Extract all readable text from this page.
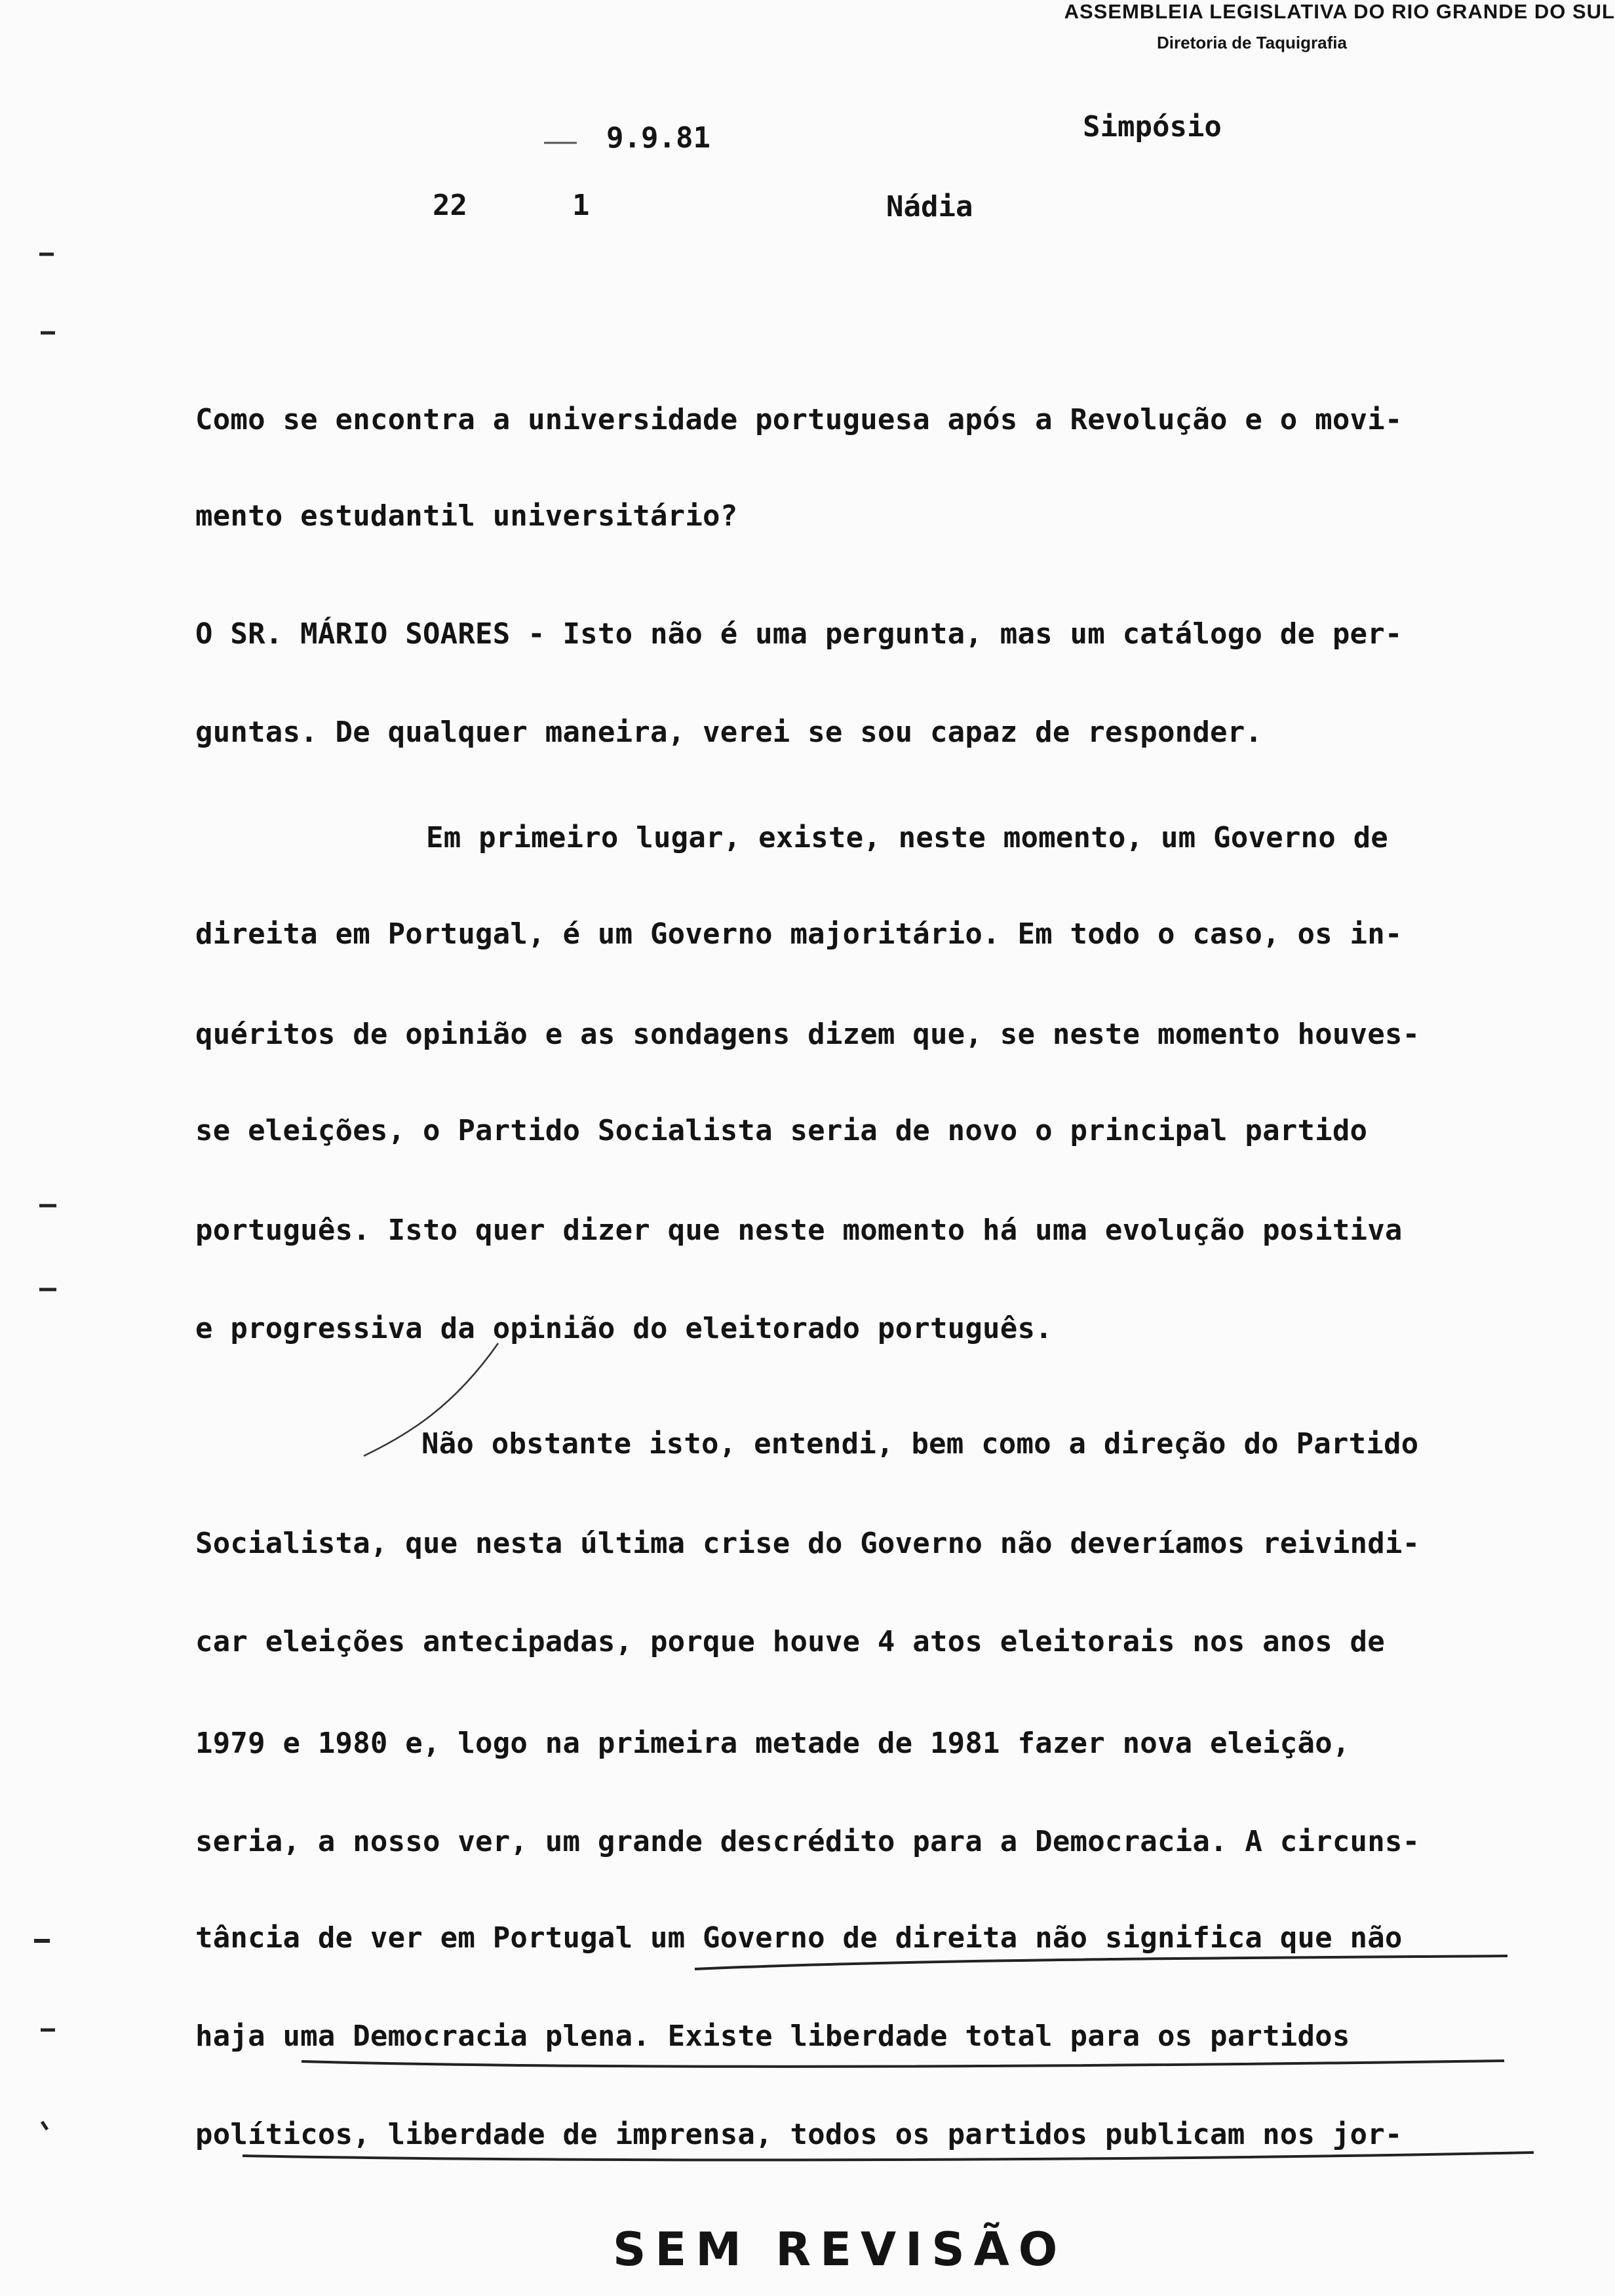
ASSEMBLEIA LEGISLATIVA DO RIO GRANDE DO SUL
Diretoria de Taquigrafia
9.9.81	Simpósio
22	1	Nádia
Como se encontra a universidade portuguesa após a Revolução e o movi-
mento estudantil universitário?
O SR. MÁRIO SOARES - Isto não é uma pergunta, mas um catálogo de per-
guntas. De qualquer maneira, verei se sou capaz de responder.
Em primeiro lugar, existe, neste momento, um Governo de
direita em Portugal, é um Governo majoritário. Em todo o caso, os in-
quéritos de opinião e as sondagens dizem que, se neste momento houves-
se eleições, o Partido Socialista seria de novo o principal partido
português. Isto quer dizer que neste momento há uma evolução positiva
e progressiva da opinião do eleitorado português.
Não obstante isto, entendi, bem como a direção do Partido
Socialista, que nesta última crise do Governo não deveríamos reivindi-
car eleições antecipadas, porque houve 4 atos eleitorais nos anos de
1979 e 1980 e, logo na primeira metade de 1981 fazer nova eleição,
seria, a nosso ver, um grande descrédito para a Democracia. A circuns-
tância de ver em Portugal um Governo de direita não significa que não
haja uma Democracia plena. Existe liberdade total para os partidos
políticos, liberdade de imprensa, todos os partidos publicam nos jor-
SEM REVISÃO
